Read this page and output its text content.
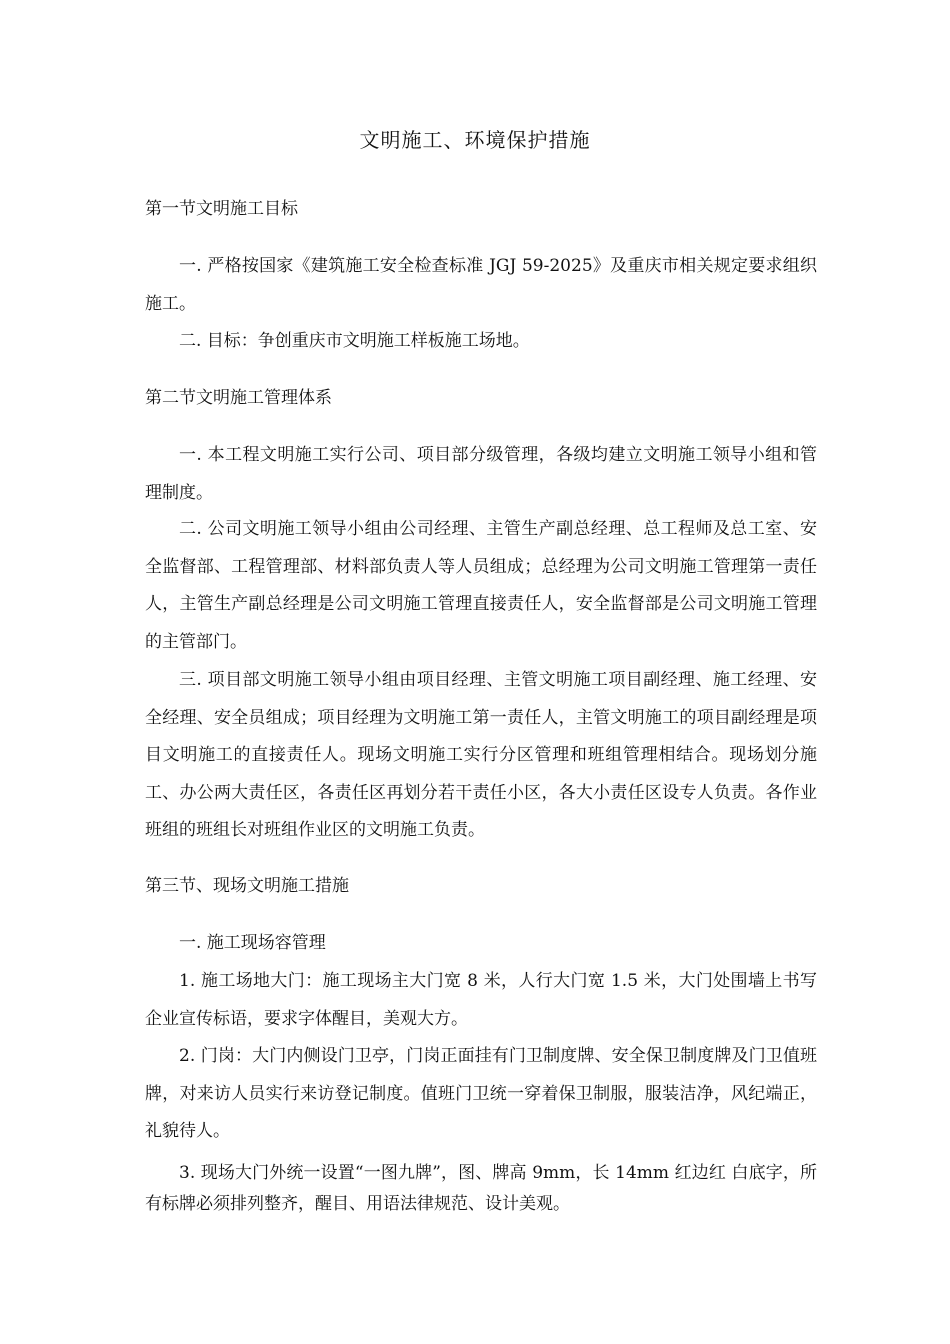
文明施工、环境保护措施
第一节文明施工目标

一. 严格按国家《建筑施工安全检查标准 JGJ 59-2025》及重庆市相关规定要求组织施工。

二. 目标：争创重庆市文明施工样板施工场地。

第二节文明施工管理体系

一. 本工程文明施工实行公司、项目部分级管理，各级均建立文明施工领导小组和管理制度。

二. 公司文明施工领导小组由公司经理、主管生产副总经理、总工程师及总工室、安全监督部、工程管理部、材料部负责人等人员组成；总经理为公司文明施工管理第一责任人，主管生产副总经理是公司文明施工管理直接责任人，安全监督部是公司文明施工管理的主管部门。

三. 项目部文明施工领导小组由项目经理、主管文明施工项目副经理、施工经理、安全经理、安全员组成；项目经理为文明施工第一责任人，主管文明施工的项目副经理是项目文明施工的直接责任人。现场文明施工实行分区管理和班组管理相结合。现场划分施工、办公两大责任区，各责任区再划分若干责任小区，各大小责任区设专人负责。各作业班组的班组长对班组作业区的文明施工负责。

第三节、现场文明施工措施

一. 施工现场容管理

1. 施工场地大门：施工现场主大门宽 8 米，人行大门宽 1.5 米，大门处围墙上书写企业宣传标语，要求字体醒目，美观大方。

2. 门岗：大门内侧设门卫亭，门岗正面挂有门卫制度牌、安全保卫制度牌及门卫值班牌，对来访人员实行来访登记制度。值班门卫统一穿着保卫制服，服装洁净，风纪端正，礼貌待人。

3. 现场大门外统一设置“一图九牌”，图、牌高 9mm，长 14mm 红边红 白底字，所有标牌必须排列整齐，醒目、用语法律规范、设计美观。
